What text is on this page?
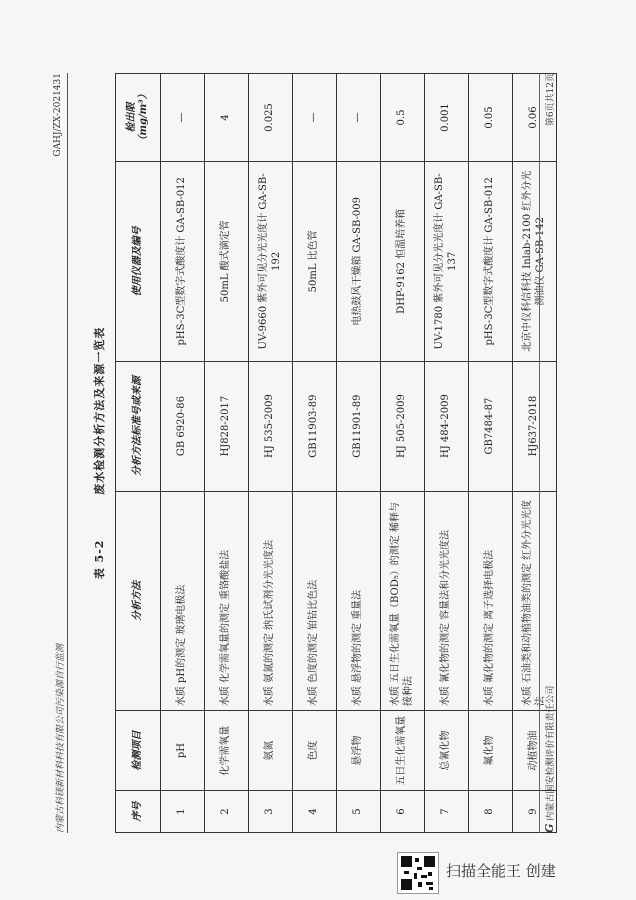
内蒙古科镁新材料科技有限公司污染源自行监测
GAHJ/ZX-2021431
表 5-2 废水检测分析方法及来源一览表
序号	检测项目	分析方法	分析方法标准号或来源	使用仪器及编号	检出限（mg/m³）
1	pH	水质 pH的测定 玻璃电极法	GB 6920-86	pHS-3C型数字式酸度计 GA-SB-012	—
2	化学需氧量	水质 化学需氧量的测定 重铬酸盐法	HJ828-2017	50mL 酸式滴定管	4
3	氨氮	水质 氨氮的测定 纳氏试剂分光光度法	HJ 535-2009	UV-9660 紫外可见分光光度计 GA-SB-192	0.025
4	色度	水质 色度的测定 铂钴比色法	GB11903-89	50mL 比色管	—
5	悬浮物	水质 悬浮物的测定 重量法	GB11901-89	电热鼓风干燥箱 GA-SB-009	—
6	五日生化需氧量	水质 五日生化需氧量（BOD₅）的测定 稀释与接种法	HJ 505-2009	DHP-9162 恒温培养箱	0.5
7	总氰化物	水质 氰化物的测定 容量法和分光光度法	HJ 484-2009	UV-1780 紫外可见分光光度计 GA-SB-137	0.001
8	氟化物	水质 氟化物的测定 离子选择电极法	GB7484-87	pHS-3C型数字式酸度计 GA-SB-012	0.05
9	动植物油	水质 石油类和动植物油类的测定 红外分光光度法	HJ637-2018	北京中仪科信科技 Inlab-2100 红外分光测油仪 GA-SB-142	0.06
G内蒙古国安检测评价有限责任公司
第6页共12页
扫描全能王 创建
